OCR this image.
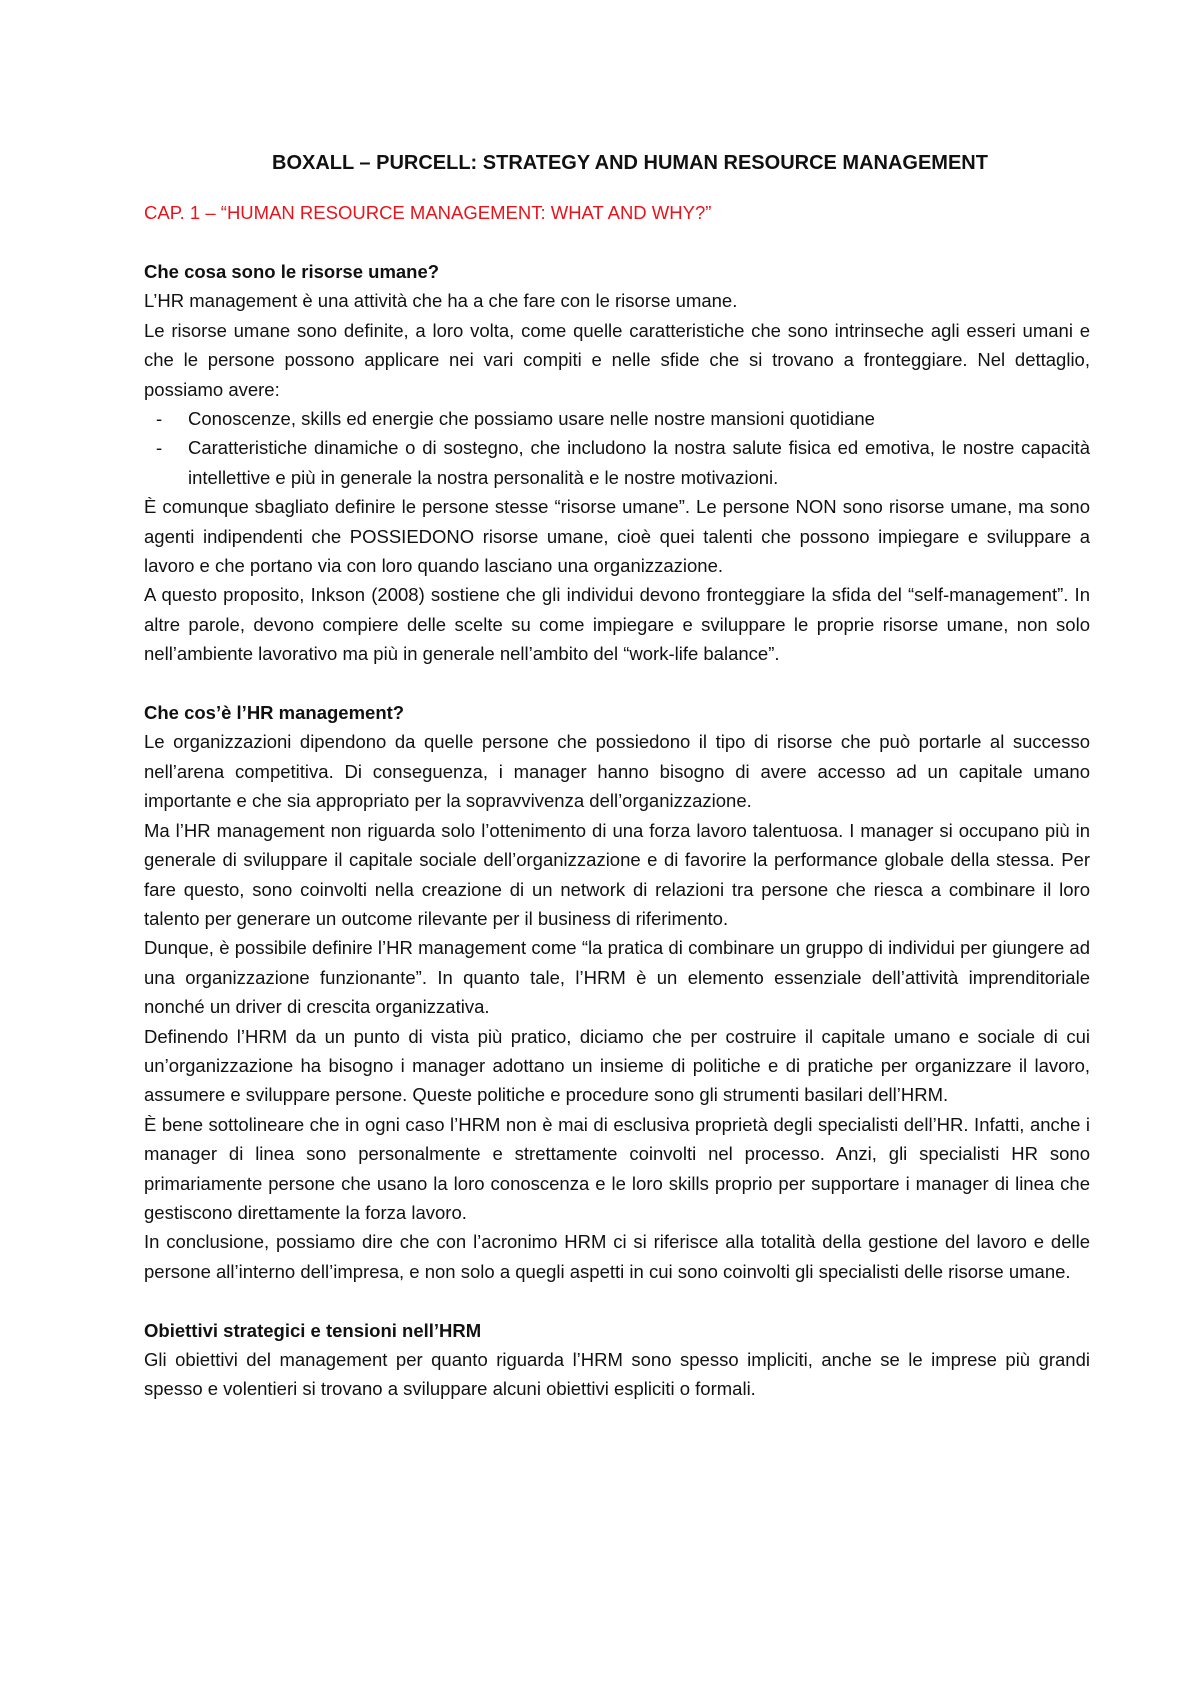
BOXALL – PURCELL: STRATEGY AND HUMAN RESOURCE MANAGEMENT

CAP. 1 – “HUMAN RESOURCE MANAGEMENT: WHAT AND WHY?”

Che cosa sono le risorse umane?

L’HR management è una attività che ha a che fare con le risorse umane.

Le risorse umane sono definite, a loro volta, come quelle caratteristiche che sono intrinseche agli esseri umani e che le persone possono applicare nei vari compiti e nelle sfide che si trovano a fronteggiare. Nel dettaglio, possiamo avere:

- Conoscenze, skills ed energie che possiamo usare nelle nostre mansioni quotidiane
- Caratteristiche dinamiche o di sostegno, che includono la nostra salute fisica ed emotiva, le nostre capacità intellettive e più in generale la nostra personalità e le nostre motivazioni.

È comunque sbagliato definire le persone stesse “risorse umane”. Le persone NON sono risorse umane, ma sono agenti indipendenti che POSSIEDONO risorse umane, cioè quei talenti che possono impiegare e sviluppare a lavoro e che portano via con loro quando lasciano una organizzazione.

A questo proposito, Inkson (2008) sostiene che gli individui devono fronteggiare la sfida del “self-management”. In altre parole, devono compiere delle scelte su come impiegare e sviluppare le proprie risorse umane, non solo nell’ambiente lavorativo ma più in generale nell’ambito del “work-life balance”.

Che cos’è l’HR management?

Le organizzazioni dipendono da quelle persone che possiedono il tipo di risorse che può portarle al successo nell’arena competitiva. Di conseguenza, i manager hanno bisogno di avere accesso ad un capitale umano importante e che sia appropriato per la sopravvivenza dell’organizzazione.

Ma l’HR management non riguarda solo l’ottenimento di una forza lavoro talentuosa. I manager si occupano più in generale di sviluppare il capitale sociale dell’organizzazione e di favorire la performance globale della stessa. Per fare questo, sono coinvolti nella creazione di un network di relazioni tra persone che riesca a combinare il loro talento per generare un outcome rilevante per il business di riferimento.

Dunque, è possibile definire l’HR management come “la pratica di combinare un gruppo di individui per giungere ad una organizzazione funzionante”. In quanto tale, l’HRM è un elemento essenziale dell’attività imprenditoriale nonché un driver di crescita organizzativa.

Definendo l’HRM da un punto di vista più pratico, diciamo che per costruire il capitale umano e sociale di cui un’organizzazione ha bisogno i manager adottano un insieme di politiche e di pratiche per organizzare il lavoro, assumere e sviluppare persone. Queste politiche e procedure sono gli strumenti basilari dell’HRM.

È bene sottolineare che in ogni caso l’HRM non è mai di esclusiva proprietà degli specialisti dell’HR. Infatti, anche i manager di linea sono personalmente e strettamente coinvolti nel processo. Anzi, gli specialisti HR sono primariamente persone che usano la loro conoscenza e le loro skills proprio per supportare i manager di linea che gestiscono direttamente la forza lavoro.

In conclusione, possiamo dire che con l’acronimo HRM ci si riferisce alla totalità della gestione del lavoro e delle persone all’interno dell’impresa, e non solo a quegli aspetti in cui sono coinvolti gli specialisti delle risorse umane.

Obiettivi strategici e tensioni nell’HRM

Gli obiettivi del management per quanto riguarda l’HRM sono spesso impliciti, anche se le imprese più grandi spesso e volentieri si trovano a sviluppare alcuni obiettivi espliciti o formali.
